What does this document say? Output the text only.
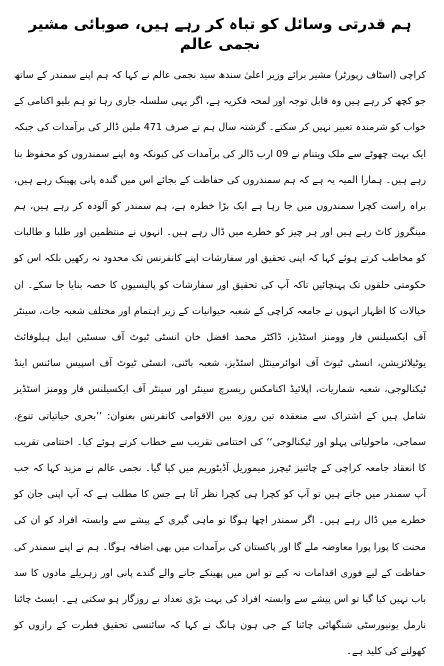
ہم قدرتی وسائل کو تباہ کر رہے ہیں، صوبائی مشیر نجمی عالم

کراچی (اسٹاف رپورٹر) مشیر برائے وزیر اعلیٰ سندھ سید نجمی عالم نے کہا کہ ہم اپنے سمندر کے ساتھ جو کچھ کر رہے ہیں وہ قابل توجہ اور لمحہ فکریہ ہے، اگر یہی سلسلہ جاری رہا تو ہم بلیو اکنامی کے خواب کو شرمندہ تعبیر نہیں کر سکتے۔ گزشتہ سال ہم نے صرف 471 ملین ڈالر کی برآمدات کی جبکہ ایک بہت چھوٹے سے ملک ویتنام نے 09 ارب ڈالر کی برآمدات کی کیونکہ وہ اپنے سمندروں کو محفوظ بنا رہے ہیں۔ ہمارا المیہ یہ ہے کہ ہم سمندروں کی حفاظت کے بجائے اس میں گندہ پانی پھینک رہے ہیں، براہ راست کچرا سمندروں میں جا رہا ہے ایک بڑا خطرہ ہے، ہم سمندر کو آلودہ کر رہے ہیں، ہم مینگروز کاٹ رہے ہیں اور ہر چیز کو خطرے میں ڈال رہے ہیں۔ انہوں نے منتظمین اور طلبا و طالبات کو مخاطب کرتے ہوئے کہا کہ اپنی تحقیق اور سفارشات اپنے کانفرنس تک محدود نہ رکھیں بلکہ اس کو حکومتی حلقوں تک پہنچائیں تاکہ آپ کی تحقیق اور سفارشات کو پالیسیوں کا حصہ بنایا جا سکے۔ ان خیالات کا اظہار انہوں نے جامعہ کراچی کے شعبہ حیوانیات کے زیر اہتمام اور مختلف شعبہ جات، سینٹر آف ایکسیلنس فار وومنز اسٹڈیز، ڈاکٹر محمد افضل خان انسٹی ٹیوٹ آف سسٹین ایبل ہیلوفائٹ یوٹیلائزیشن، انسٹی ٹیوٹ آف انوائرمینٹل اسٹڈیز، شعبہ باٹنی، انسٹی ٹیوٹ آف اسپیس سائنس اینڈ ٹیکنالوجی، شعبہ شماریات، اپلائیڈ اکنامکس ریسرچ سینٹر اور سینٹر آف ایکسیلنس فار وومنز اسٹڈیز شامل ہیں کے اشتراک سے منعقدہ تین روزہ بین الاقوامی کانفرنس بعنوان: ’’بحری حیاتیاتی تنوع، سماجی، ماحولیاتی پہلو اور ٹیکنالوجی‘‘ کی اختتامی تقریب سے خطاب کرتے ہوئے کیا۔ اختتامی تقریب کا انعقاد جامعہ کراچی کے چائنیز ٹیچرز میموریل آڈیٹوریم میں کیا گیا۔ نجمی عالم نے مزید کہا کہ جب آپ سمندر میں جاتے ہیں تو آپ کو کچرا ہی کچرا نظر آتا ہے جس کا مطلب ہے کہ آپ اپنی جان کو خطرے میں ڈال رہے ہیں۔ اگر سمندر اچھا ہوگا تو ماہی گیری کے پیشے سے وابستہ افراد کو ان کی محنت کا پورا پورا معاوضہ ملے گا اور پاکستان کی برآمدات میں بھی اضافہ ہوگا۔ ہم نے اپنے سمندر کی حفاظت کے لیے فوری اقدامات نہ کیے تو اس میں پھینکے جانے والے گندے پانی اور زہریلے مادوں کا سد باب نہیں کیا گیا تو اس پیشے سے وابستہ افراد کی بہت بڑی تعداد بے روزگار ہو سکتی ہے۔ ایسٹ چائنا نارمل یونیورسٹی شنگھائی چائنا کے جی ہون ہانگ نے کہا کہ سائنسی تحقیق فطرت کے رازوں کو کھولنے کی کلید ہے۔
